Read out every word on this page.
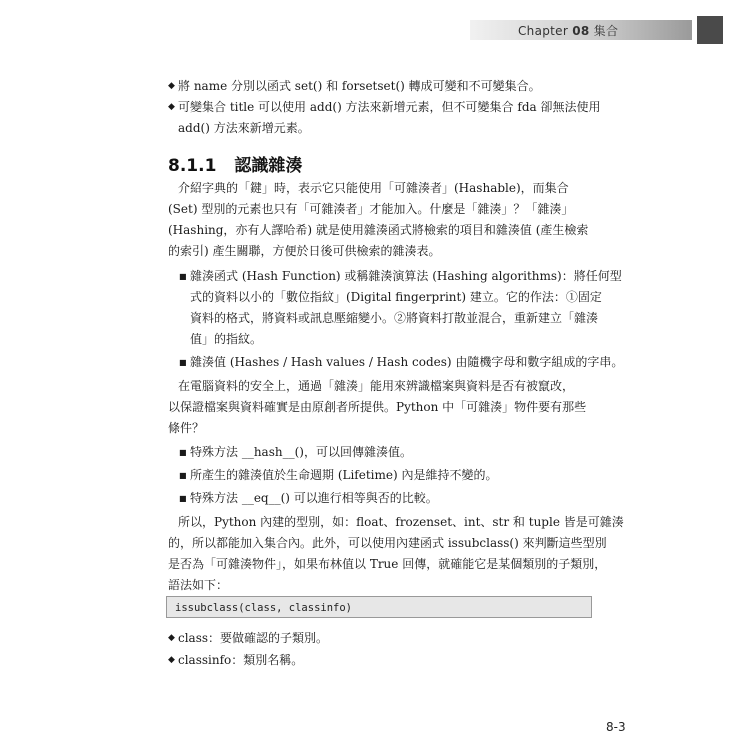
Chapter 08 集合
◆ 將 name 分別以函式 set() 和 forsetset() 轉成可變和不可變集合。
◆ 可變集合 title 可以使用 add() 方法來新增元素，但不可變集合 fda 卻無法使用
add() 方法來新增元素。
介紹字典的「鍵」時，表示它只能使用「可雜湊者」(Hashable)，而集合
(Set) 型別的元素也只有「可雜湊者」才能加入。什麼是「雜湊」？「雜湊」
(Hashing，亦有人譯哈希) 就是使用雜湊函式將檢索的項目和雜湊值 (產生檢索
的索引) 產生關聯，方便於日後可供檢索的雜湊表。
■ 雜湊函式 (Hash Function) 或稱雜湊演算法 (Hashing algorithms)：將任何型
式的資料以小的「數位指紋」(Digital fingerprint) 建立。它的作法：①固定
資料的格式，將資料或訊息壓縮變小。②將資料打散並混合，重新建立「雜湊
值」的指紋。
■ 雜湊值 (Hashes / Hash values / Hash codes) 由隨機字母和數字組成的字串。
在電腦資料的安全上，通過「雜湊」能用來辨識檔案與資料是否有被竄改，
以保證檔案與資料確實是由原創者所提供。Python 中「可雜湊」物件要有那些
條件？
■ 特殊方法 __hash__()，可以回傳雜湊值。
■ 所產生的雜湊值於生命週期 (Lifetime) 內是維持不變的。
■ 特殊方法 __eq__() 可以進行相等與否的比較。
所以，Python 內建的型別，如：float、frozenset、int、str 和 tuple 皆是可雜湊
的，所以都能加入集合內。此外，可以使用內建函式 issubclass() 來判斷這些型別
是否為「可雜湊物件」，如果布林值以 True 回傳，就確能它是某個類別的子類別，
語法如下：
◆ class：要做確認的子類別。
◆ classinfo：類別名稱。
8.1.1 認識雜湊
issubclass(class, classinfo)
8-3
